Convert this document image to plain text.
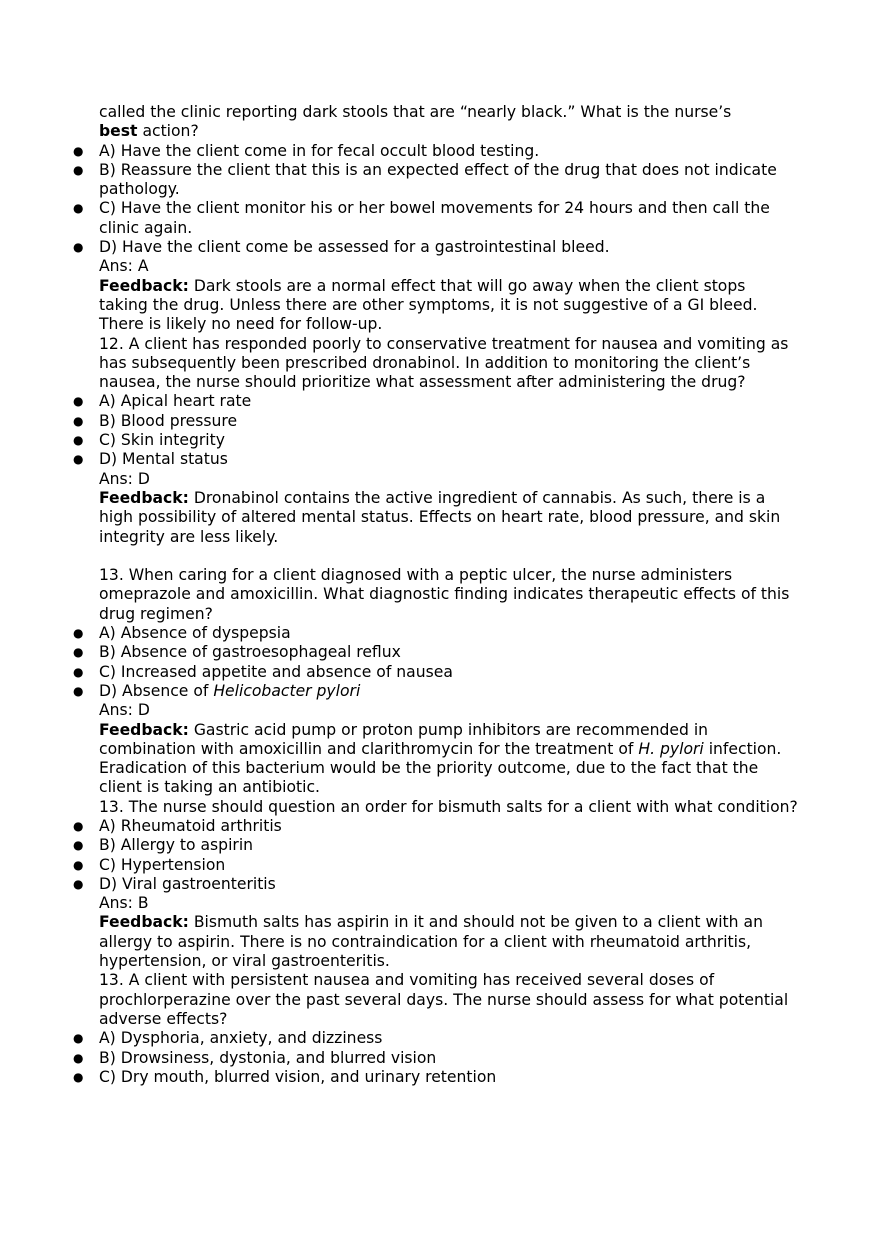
called the clinic reporting dark stools that are “nearly black.” What is the nurse’s
best action?

● A) Have the client come in for fecal occult blood testing.
● B) Reassure the client that this is an expected effect of the drug that does not indicate pathology.
● C) Have the client monitor his or her bowel movements for 24 hours and then call the clinic again.
● D) Have the client come be assessed for a gastrointestinal bleed.

Ans: A

Feedback: Dark stools are a normal effect that will go away when the client stops taking the drug. Unless there are other symptoms, it is not suggestive of a GI bleed. There is likely no need for follow-up.

12. A client has responded poorly to conservative treatment for nausea and vomiting as has subsequently been prescribed dronabinol. In addition to monitoring the client’s nausea, the nurse should prioritize what assessment after administering the drug?

● A) Apical heart rate
● B) Blood pressure
● C) Skin integrity
● D) Mental status

Ans: D

Feedback: Dronabinol contains the active ingredient of cannabis. As such, there is a high possibility of altered mental status. Effects on heart rate, blood pressure, and skin integrity are less likely.

13. When caring for a client diagnosed with a peptic ulcer, the nurse administers omeprazole and amoxicillin. What diagnostic finding indicates therapeutic effects of this drug regimen?

● A) Absence of dyspepsia
● B) Absence of gastroesophageal reflux
● C) Increased appetite and absence of nausea
● D) Absence of Helicobacter pylori

Ans: D

Feedback: Gastric acid pump or proton pump inhibitors are recommended in combination with amoxicillin and clarithromycin for the treatment of H. pylori infection. Eradication of this bacterium would be the priority outcome, due to the fact that the client is taking an antibiotic.

13. The nurse should question an order for bismuth salts for a client with what condition?

● A) Rheumatoid arthritis
● B) Allergy to aspirin
● C) Hypertension
● D) Viral gastroenteritis

Ans: B

Feedback: Bismuth salts has aspirin in it and should not be given to a client with an allergy to aspirin. There is no contraindication for a client with rheumatoid arthritis, hypertension, or viral gastroenteritis.

13. A client with persistent nausea and vomiting has received several doses of prochlorperazine over the past several days. The nurse should assess for what potential adverse effects?

● A) Dysphoria, anxiety, and dizziness
● B) Drowsiness, dystonia, and blurred vision
● C) Dry mouth, blurred vision, and urinary retention
